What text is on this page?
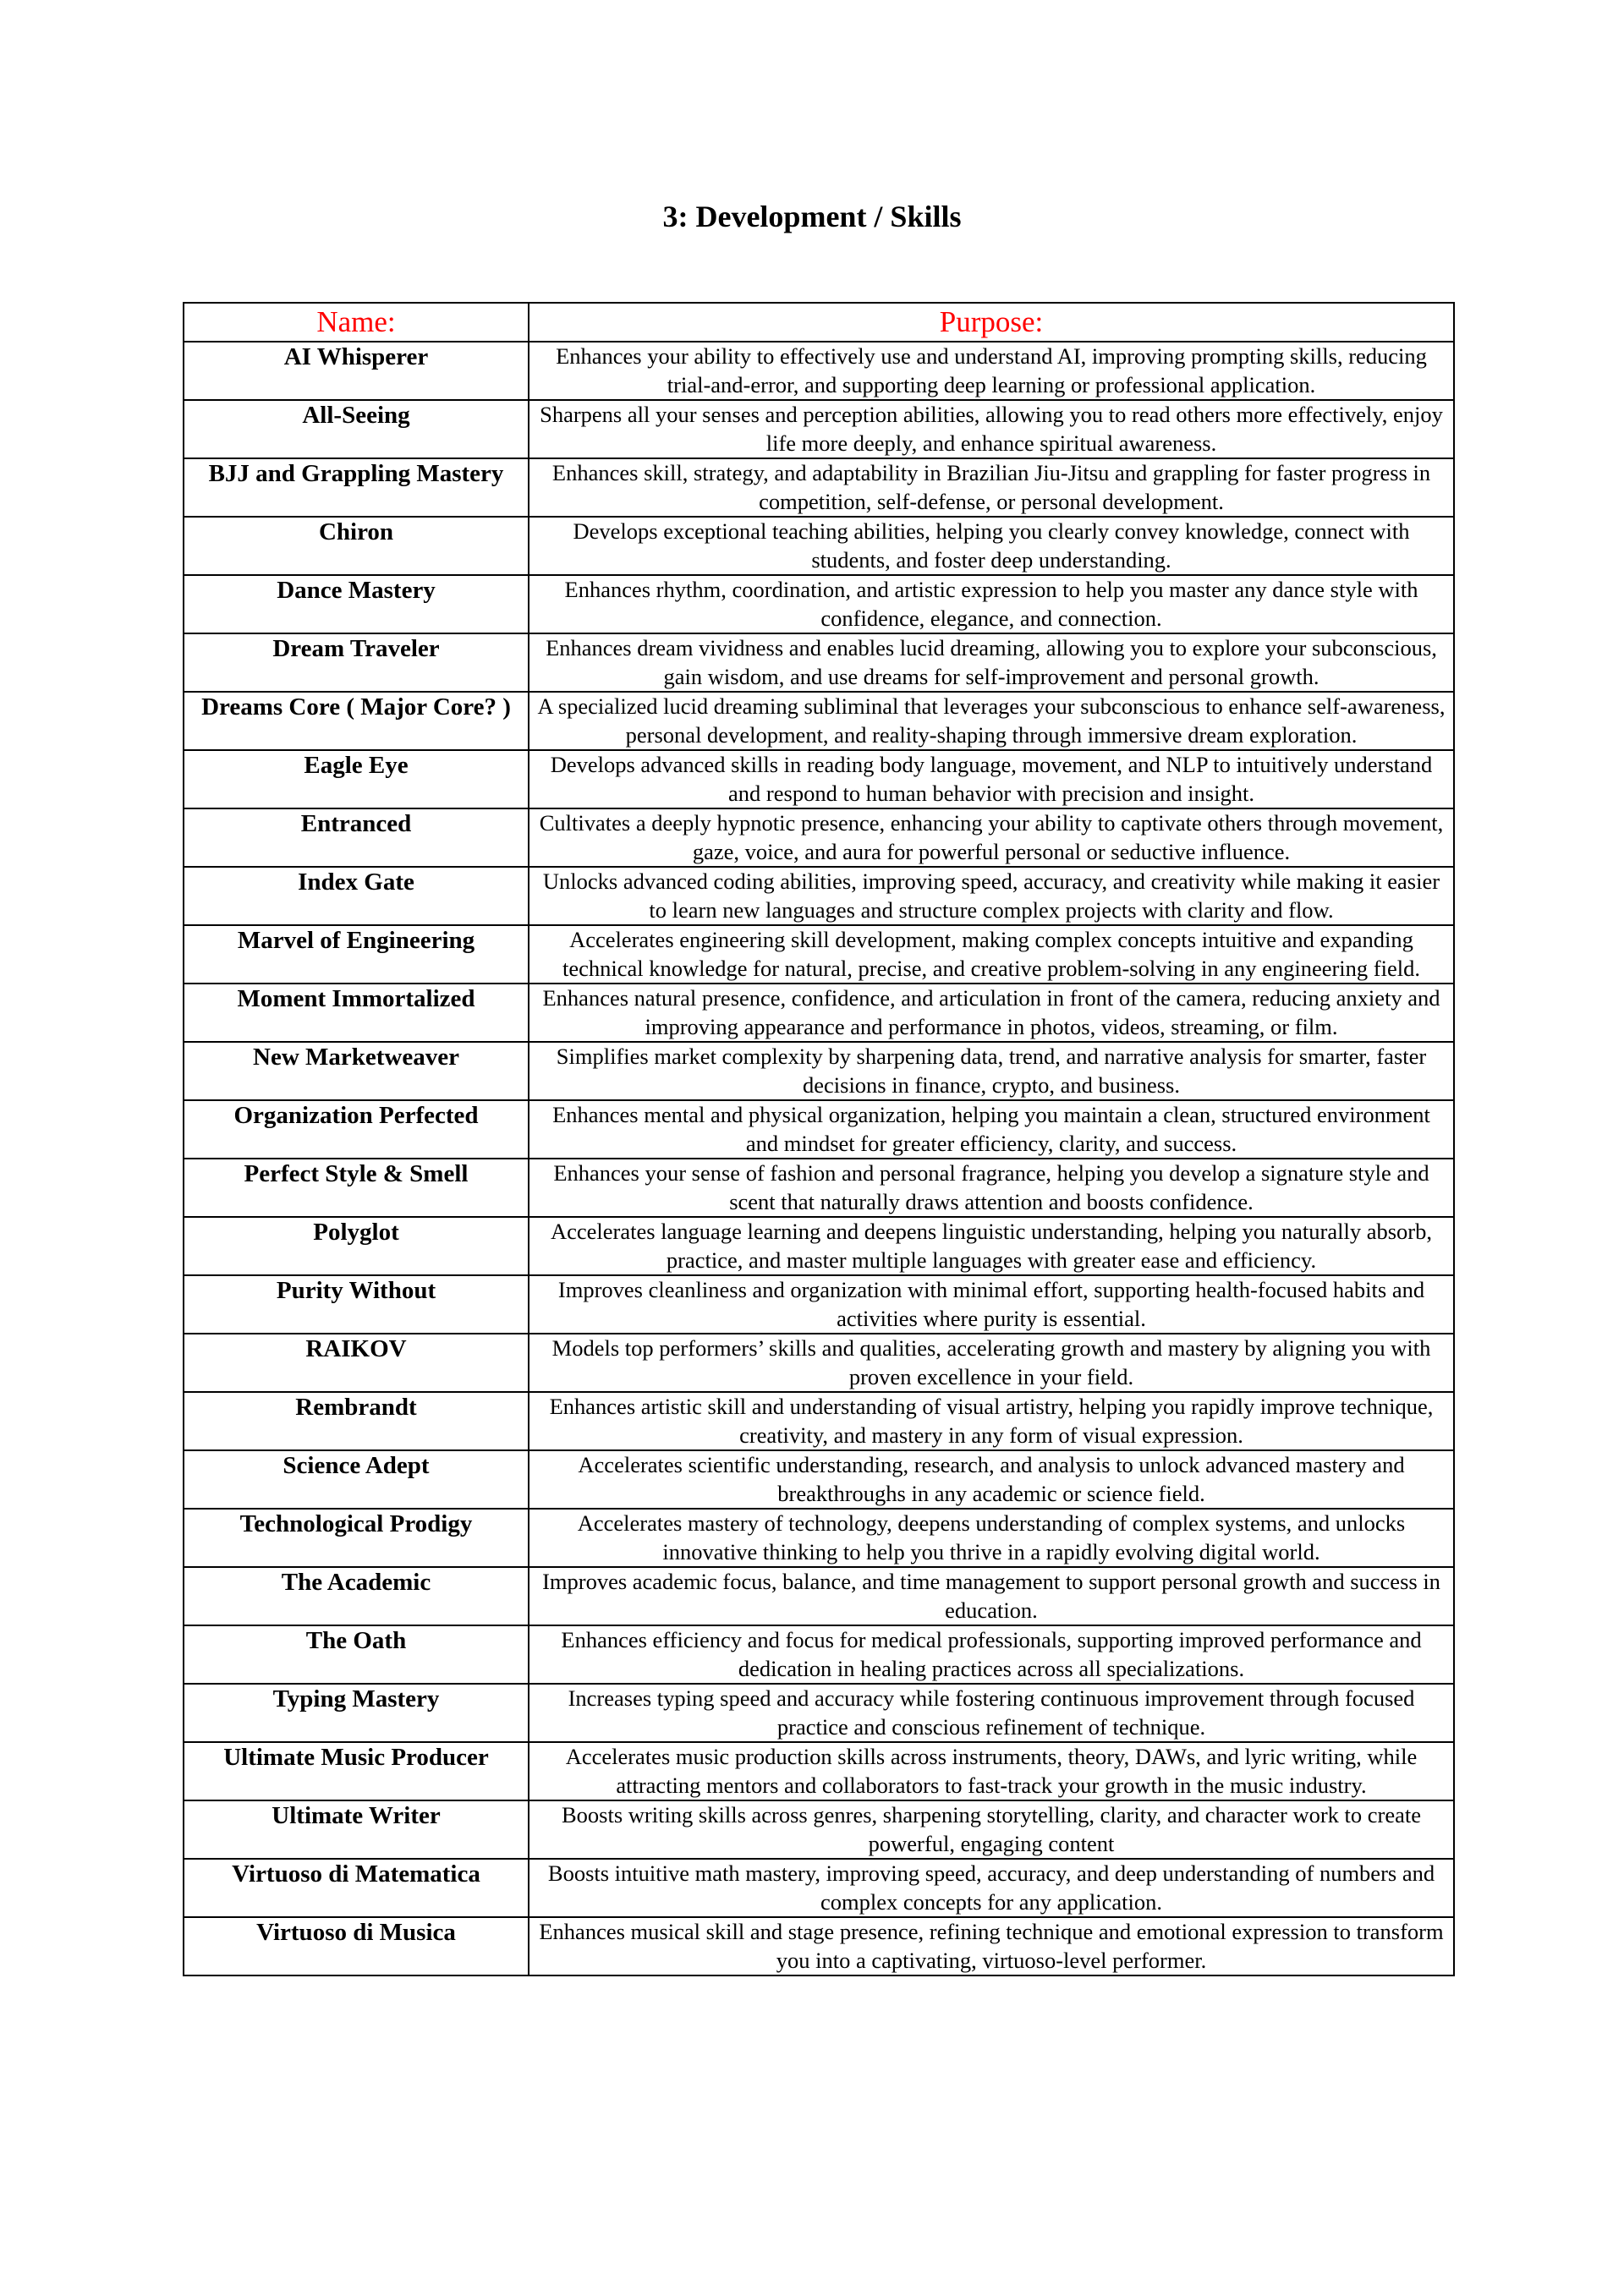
3: Development / Skills
Name:	Purpose:
AI Whisperer	Enhances your ability to effectively use and understand AI, improving prompting skills, reducing trial-and-error, and supporting deep learning or professional application.
All-Seeing	Sharpens all your senses and perception abilities, allowing you to read others more effectively, enjoy life more deeply, and enhance spiritual awareness.
BJJ and Grappling Mastery	Enhances skill, strategy, and adaptability in Brazilian Jiu-Jitsu and grappling for faster progress in competition, self-defense, or personal development.
Chiron	Develops exceptional teaching abilities, helping you clearly convey knowledge, connect with students, and foster deep understanding.
Dance Mastery	Enhances rhythm, coordination, and artistic expression to help you master any dance style with confidence, elegance, and connection.
Dream Traveler	Enhances dream vividness and enables lucid dreaming, allowing you to explore your subconscious, gain wisdom, and use dreams for self-improvement and personal growth.
Dreams Core ( Major Core? )	A specialized lucid dreaming subliminal that leverages your subconscious to enhance self-awareness, personal development, and reality-shaping through immersive dream exploration.
Eagle Eye	Develops advanced skills in reading body language, movement, and NLP to intuitively understand and respond to human behavior with precision and insight.
Entranced	Cultivates a deeply hypnotic presence, enhancing your ability to captivate others through movement, gaze, voice, and aura for powerful personal or seductive influence.
Index Gate	Unlocks advanced coding abilities, improving speed, accuracy, and creativity while making it easier to learn new languages and structure complex projects with clarity and flow.
Marvel of Engineering	Accelerates engineering skill development, making complex concepts intuitive and expanding technical knowledge for natural, precise, and creative problem-solving in any engineering field.
Moment Immortalized	Enhances natural presence, confidence, and articulation in front of the camera, reducing anxiety and improving appearance and performance in photos, videos, streaming, or film.
New Marketweaver	Simplifies market complexity by sharpening data, trend, and narrative analysis for smarter, faster decisions in finance, crypto, and business.
Organization Perfected	Enhances mental and physical organization, helping you maintain a clean, structured environment and mindset for greater efficiency, clarity, and success.
Perfect Style & Smell	Enhances your sense of fashion and personal fragrance, helping you develop a signature style and scent that naturally draws attention and boosts confidence.
Polyglot	Accelerates language learning and deepens linguistic understanding, helping you naturally absorb, practice, and master multiple languages with greater ease and efficiency.
Purity Without	Improves cleanliness and organization with minimal effort, supporting health-focused habits and activities where purity is essential.
RAIKOV	Models top performers’ skills and qualities, accelerating growth and mastery by aligning you with proven excellence in your field.
Rembrandt	Enhances artistic skill and understanding of visual artistry, helping you rapidly improve technique, creativity, and mastery in any form of visual expression.
Science Adept	Accelerates scientific understanding, research, and analysis to unlock advanced mastery and breakthroughs in any academic or science field.
Technological Prodigy	Accelerates mastery of technology, deepens understanding of complex systems, and unlocks innovative thinking to help you thrive in a rapidly evolving digital world.
The Academic	Improves academic focus, balance, and time management to support personal growth and success in education.
The Oath	Enhances efficiency and focus for medical professionals, supporting improved performance and dedication in healing practices across all specializations.
Typing Mastery	Increases typing speed and accuracy while fostering continuous improvement through focused practice and conscious refinement of technique.
Ultimate Music Producer	Accelerates music production skills across instruments, theory, DAWs, and lyric writing, while attracting mentors and collaborators to fast-track your growth in the music industry.
Ultimate Writer	Boosts writing skills across genres, sharpening storytelling, clarity, and character work to create powerful, engaging content
Virtuoso di Matematica	Boosts intuitive math mastery, improving speed, accuracy, and deep understanding of numbers and complex concepts for any application.
Virtuoso di Musica	Enhances musical skill and stage presence, refining technique and emotional expression to transform you into a captivating, virtuoso-level performer.
